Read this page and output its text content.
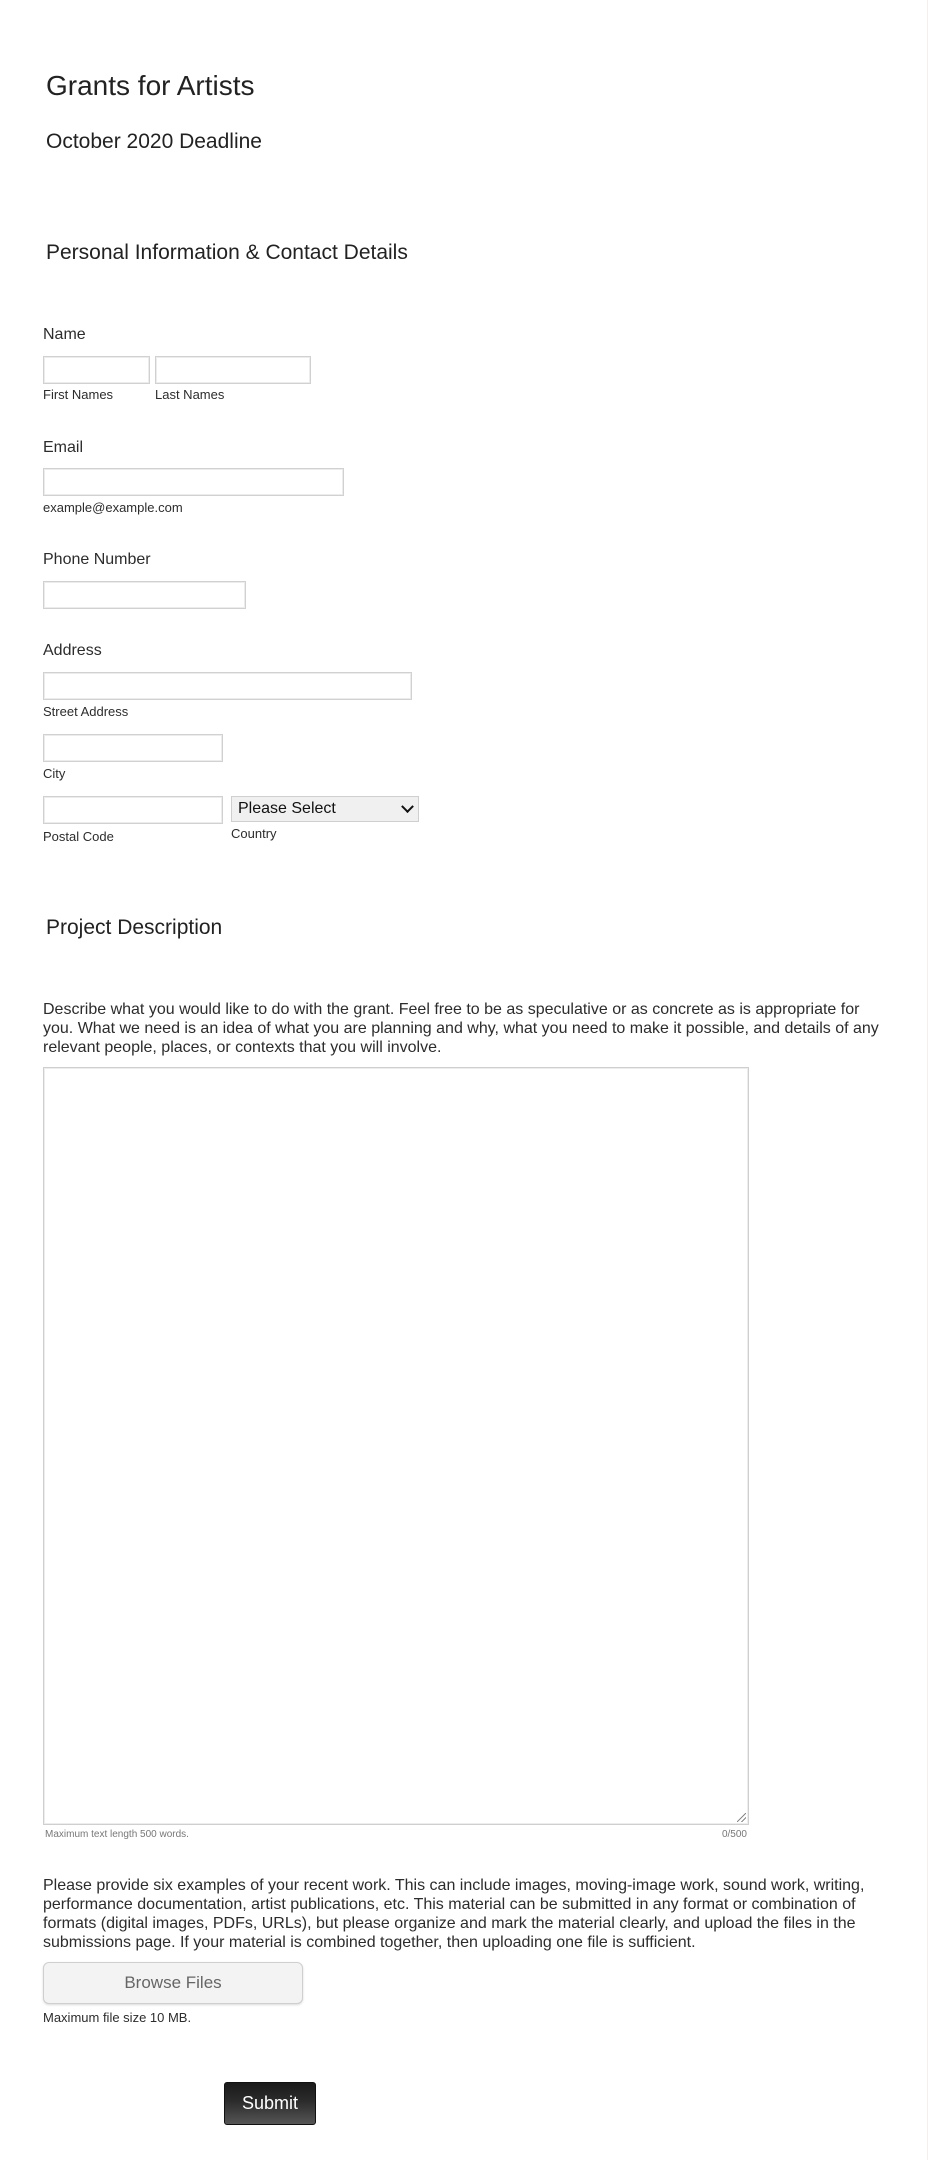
Grants for Artists
October 2020 Deadline
Personal Information & Contact Details
Name
First Names	Last Names
Email
example@example.com
Phone Number
Address
Street Address
City
Postal Code
Please Select
Country
Project Description
Describe what you would like to do with the grant. Feel free to be as speculative or as concrete as is appropriate for you. What we need is an idea of what you are planning and why, what you need to make it possible, and details of any relevant people, places, or contexts that you will involve.
Maximum text length 500 words.	0/500
Please provide six examples of your recent work. This can include images, moving-image work, sound work, writing, performance documentation, artist publications, etc. This material can be submitted in any format or combination of formats (digital images, PDFs, URLs), but please organize and mark the material clearly, and upload the files in the submissions page. If your material is combined together, then uploading one file is sufficient.
Browse Files
Maximum file size 10 MB.
Submit
